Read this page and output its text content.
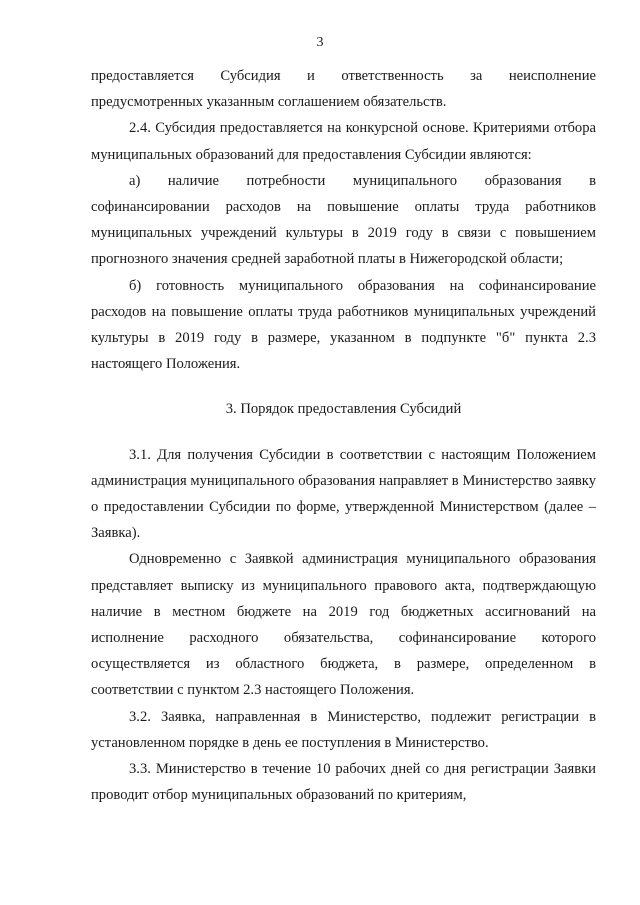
3

предоставляется Субсидия и ответственность за неисполнение предусмотренных указанным соглашением обязательств.

2.4. Субсидия предоставляется на конкурсной основе. Критериями отбора муниципальных образований для предоставления Субсидии являются:

а) наличие потребности муниципального образования в софинансировании расходов на повышение оплаты труда работников муниципальных учреждений культуры в 2019 году в связи с повышением прогнозного значения средней заработной платы в Нижегородской области;

б) готовность муниципального образования на софинансирование расходов на повышение оплаты труда работников муниципальных учреждений культуры в 2019 году в размере, указанном в подпункте "б" пункта 2.3 настоящего Положения.

3. Порядок предоставления Субсидий

3.1. Для получения Субсидии в соответствии с настоящим Положением администрация муниципального образования направляет в Министерство заявку о предоставлении Субсидии по форме, утвержденной Министерством (далее – Заявка).

Одновременно с Заявкой администрация муниципального образования представляет выписку из муниципального правового акта, подтверждающую наличие в местном бюджете на 2019 год бюджетных ассигнований на исполнение расходного обязательства, софинансирование которого осуществляется из областного бюджета, в размере, определенном в соответствии с пунктом 2.3 настоящего Положения.

3.2. Заявка, направленная в Министерство, подлежит регистрации в установленном порядке в день ее поступления в Министерство.

3.3. Министерство в течение 10 рабочих дней со дня регистрации Заявки проводит отбор муниципальных образований по критериям,
